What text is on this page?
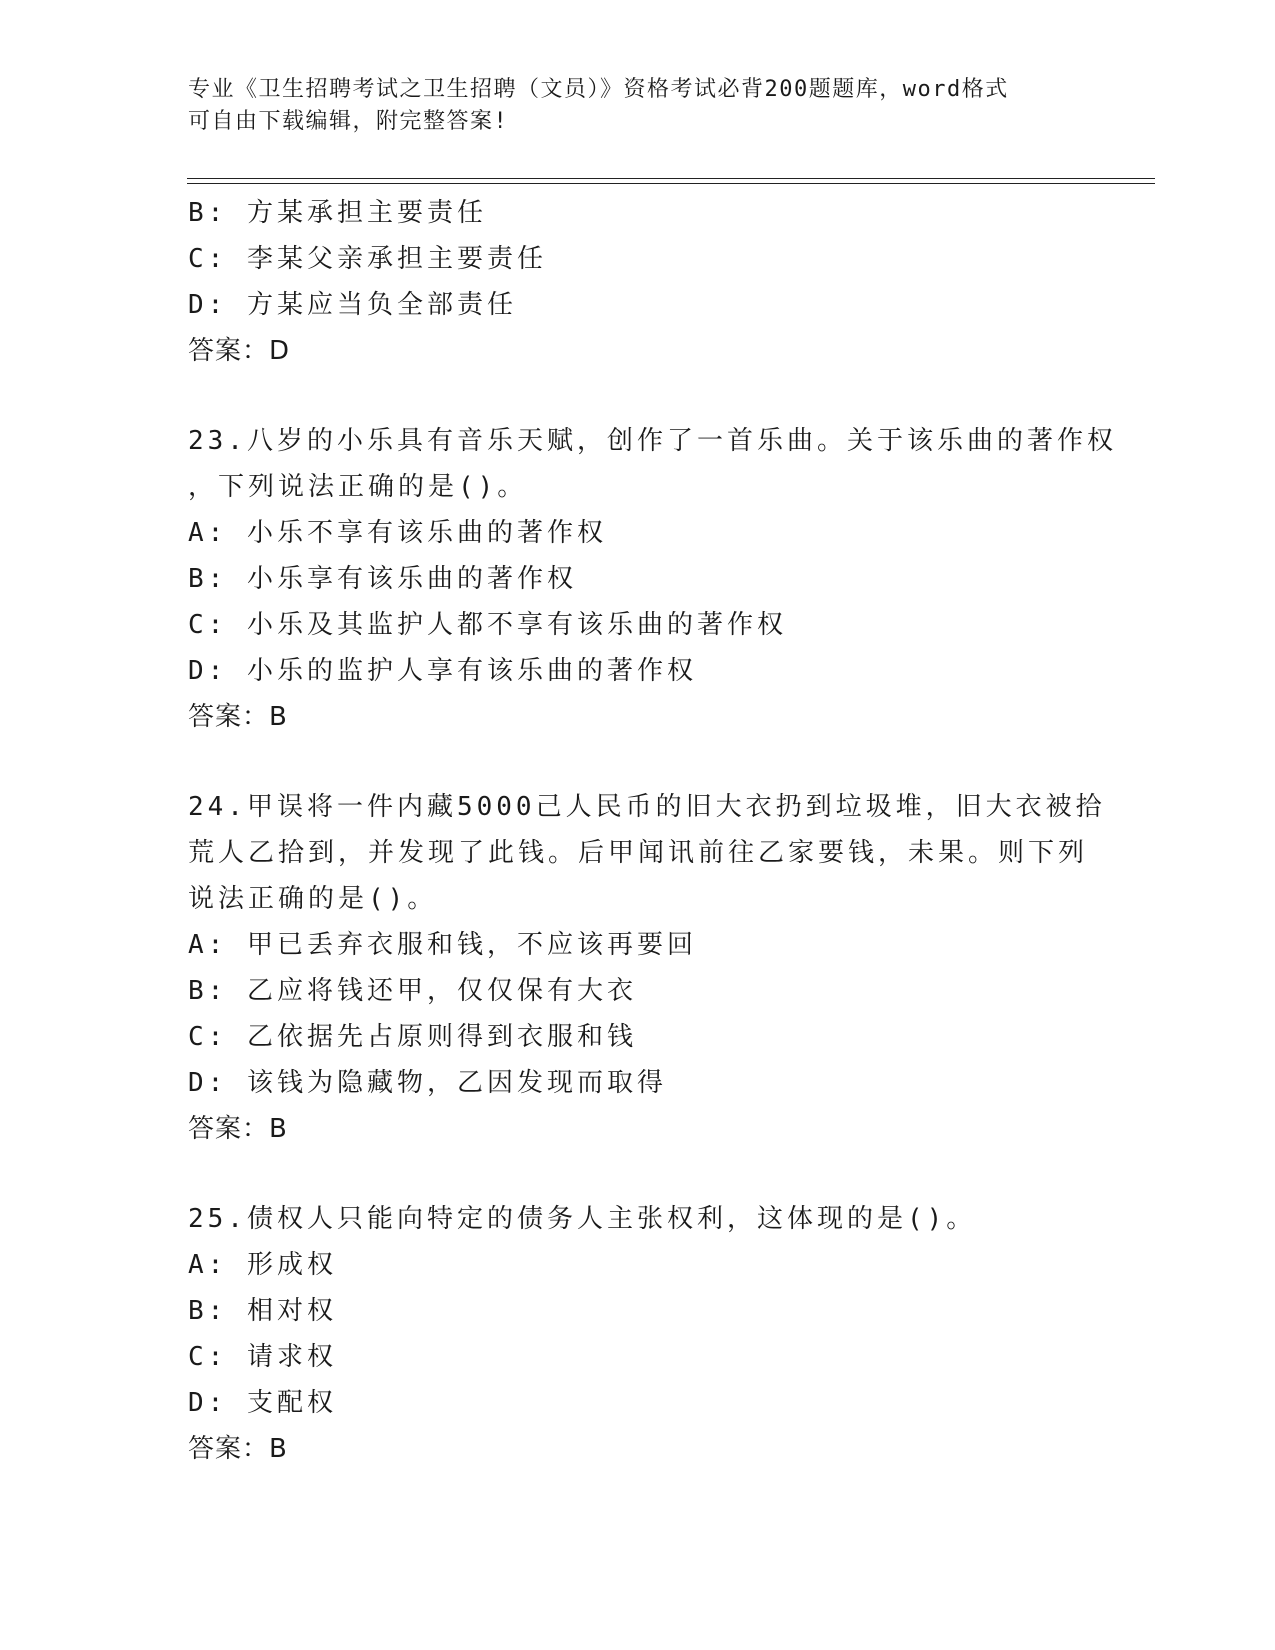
专业《卫生招聘考试之卫生招聘（文员）》资格考试必背200题题库，word格式
可自由下载编辑，附完整答案!
B: 方某承担主要责任
C: 李某父亲承担主要责任
D: 方某应当负全部责任
答案：D
23.八岁的小乐具有音乐天赋，创作了一首乐曲。关于该乐曲的著作权
，下列说法正确的是()。
A: 小乐不享有该乐曲的著作权
B: 小乐享有该乐曲的著作权
C: 小乐及其监护人都不享有该乐曲的著作权
D: 小乐的监护人享有该乐曲的著作权
答案：B
24.甲误将一件内藏5000己人民币的旧大衣扔到垃圾堆，旧大衣被拾
荒人乙拾到，并发现了此钱。后甲闻讯前往乙家要钱，未果。则下列
说法正确的是()。
A: 甲已丢弃衣服和钱，不应该再要回
B: 乙应将钱还甲，仅仅保有大衣
C: 乙依据先占原则得到衣服和钱
D: 该钱为隐藏物，乙因发现而取得
答案：B
25.债权人只能向特定的债务人主张权利，这体现的是()。
A: 形成权
B: 相对权
C: 请求权
D: 支配权
答案：B
